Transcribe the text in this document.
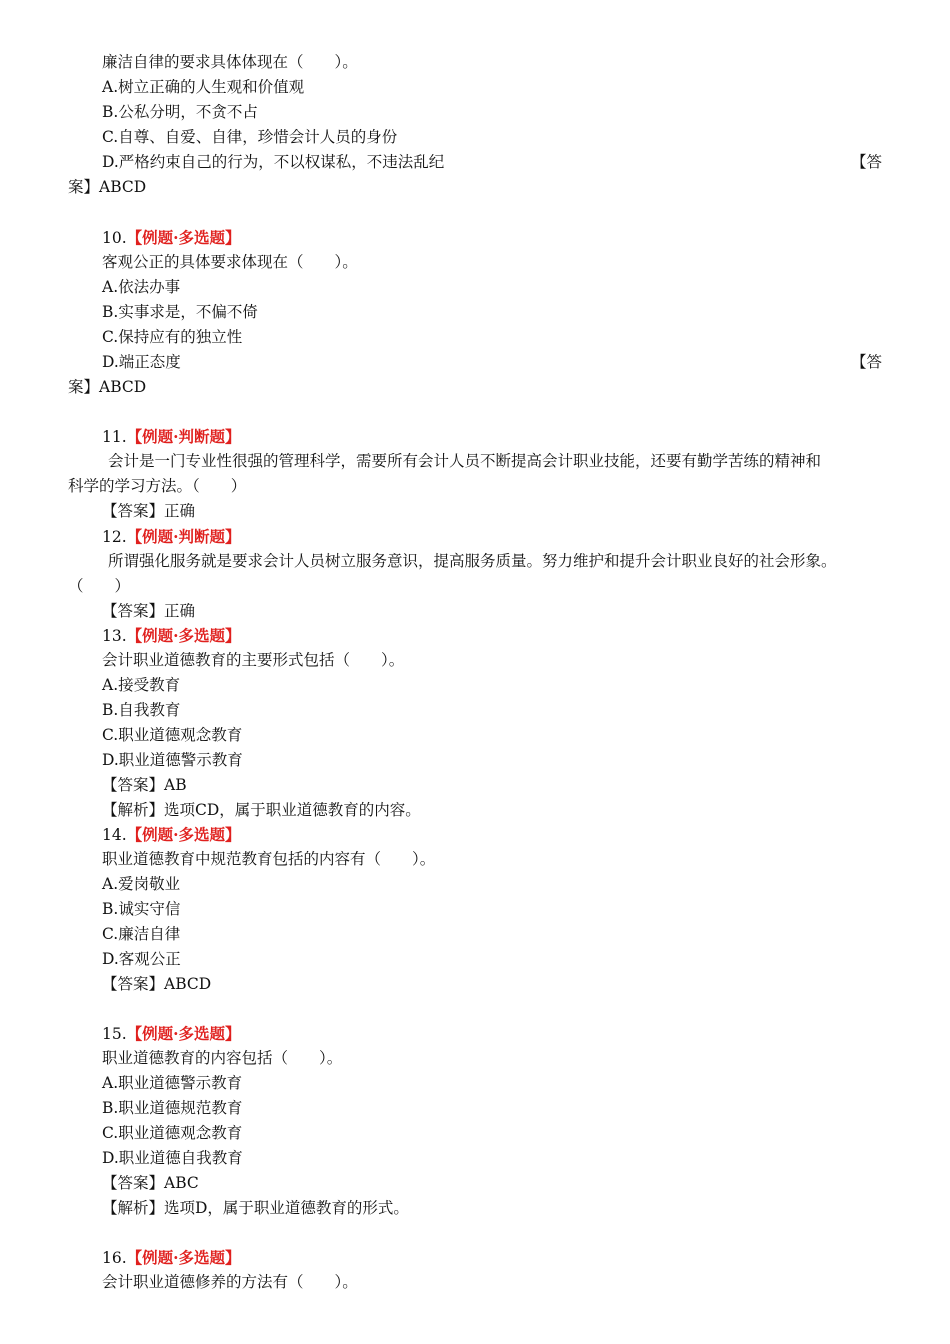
廉洁自律的要求具体体现在（　　）。
A.树立正确的人生观和价值观
B.公私分明，不贪不占
C.自尊、自爱、自律，珍惜会计人员的身份
D.严格约束自己的行为，不以权谋私，不违法乱纪	【答
案】ABCD
10.【例题·多选题】
客观公正的具体要求体现在（　　）。
A.依法办事
B.实事求是，不偏不倚
C.保持应有的独立性
D.端正态度	【答
案】ABCD
11.【例题·判断题】
会计是一门专业性很强的管理科学，需要所有会计人员不断提高会计职业技能，还要有勤学苦练的精神和
科学的学习方法。（　　）
【答案】正确
12.【例题·判断题】
所谓强化服务就是要求会计人员树立服务意识，提高服务质量。努力维护和提升会计职业良好的社会形象。
（　　）
【答案】正确
13.【例题·多选题】
会计职业道德教育的主要形式包括（　　）。
A.接受教育
B.自我教育
C.职业道德观念教育
D.职业道德警示教育
【答案】AB
【解析】选项CD，属于职业道德教育的内容。
14.【例题·多选题】
职业道德教育中规范教育包括的内容有（　　）。
A.爱岗敬业
B.诚实守信
C.廉洁自律
D.客观公正
【答案】ABCD
15.【例题·多选题】
职业道德教育的内容包括（　　）。
A.职业道德警示教育
B.职业道德规范教育
C.职业道德观念教育
D.职业道德自我教育
【答案】ABC
【解析】选项D，属于职业道德教育的形式。
16.【例题·多选题】
会计职业道德修养的方法有（　　）。
